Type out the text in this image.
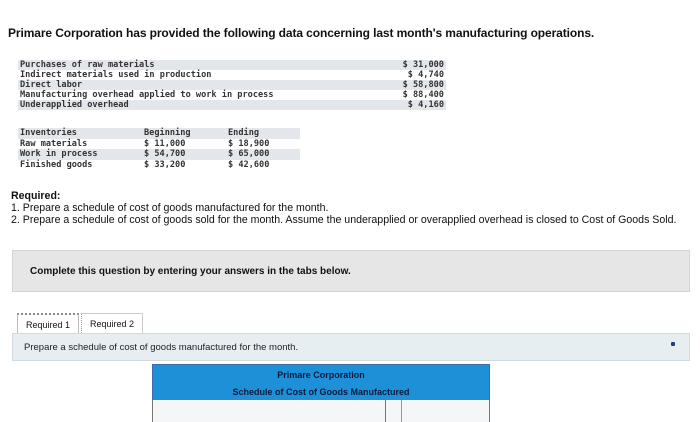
Primare Corporation has provided the following data concerning last month's manufacturing operations.
Purchases of raw materials	$ 31,000
Indirect materials used in production	$ 4,740
Direct labor	$ 58,800
Manufacturing overhead applied to work in process	$ 88,400
Underapplied overhead	$ 4,160
Inventories	Beginning	Ending
Raw materials	$ 11,000	$ 18,900
Work in process	$ 54,700	$ 65,000
Finished goods	$ 33,200	$ 42,600
Required:
1. Prepare a schedule of cost of goods manufactured for the month.
2. Prepare a schedule of cost of goods sold for the month. Assume the underapplied or overapplied overhead is closed to Cost of Goods Sold.
Complete this question by entering your answers in the tabs below.
Required 1	Required 2
Prepare a schedule of cost of goods manufactured for the month.
Primare Corporation
Schedule of Cost of Goods Manufactured
